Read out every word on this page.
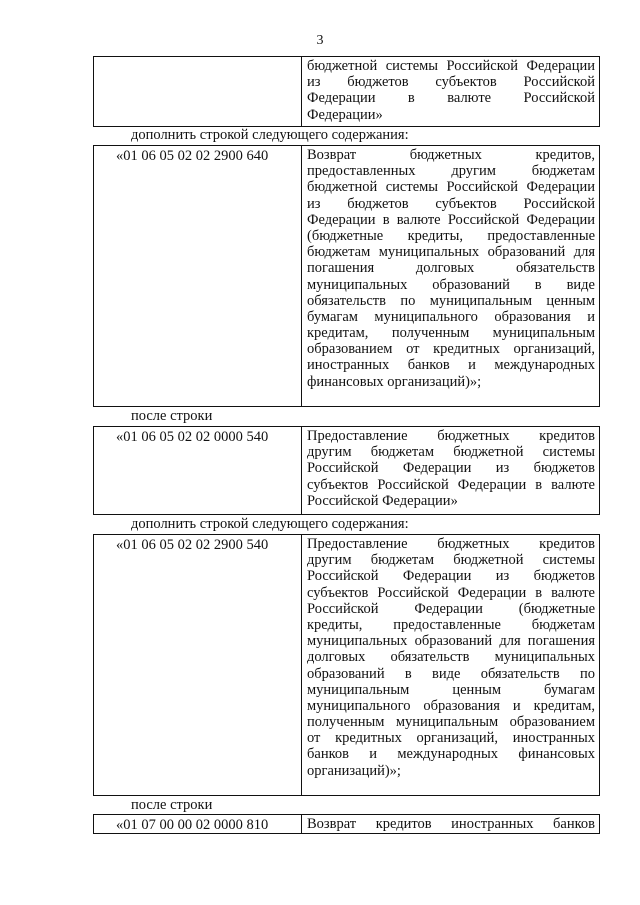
3
бюджетной системы Российской Федерации
из бюджетов субъектов Российской
Федерации в валюте Российской
Федерации»
дополнить строкой следующего содержания:
«01 06 05 02 02 2900 640	Возврат бюджетных кредитов,
предоставленных другим бюджетам
бюджетной системы Российской Федерации
из бюджетов субъектов Российской
Федерации в валюте Российской Федерации
(бюджетные кредиты, предоставленные
бюджетам муниципальных образований для
погашения долговых обязательств
муниципальных образований в виде
обязательств по муниципальным ценным
бумагам муниципального образования и
кредитам, полученным муниципальным
образованием от кредитных организаций,
иностранных банков и международных
финансовых организаций)»;
после строки
«01 06 05 02 02 0000 540	Предоставление бюджетных кредитов
другим бюджетам бюджетной системы
Российской Федерации из бюджетов
субъектов Российской Федерации в валюте
Российской Федерации»
дополнить строкой следующего содержания:
«01 06 05 02 02 2900 540	Предоставление бюджетных кредитов
другим бюджетам бюджетной системы
Российской Федерации из бюджетов
субъектов Российской Федерации в валюте
Российской Федерации (бюджетные
кредиты, предоставленные бюджетам
муниципальных образований для погашения
долговых обязательств муниципальных
образований в виде обязательств по
муниципальным ценным бумагам
муниципального образования и кредитам,
полученным муниципальным образованием
от кредитных организаций, иностранных
банков и международных финансовых
организаций)»;
после строки
«01 07 00 00 02 0000 810	Возврат кредитов иностранных банков
